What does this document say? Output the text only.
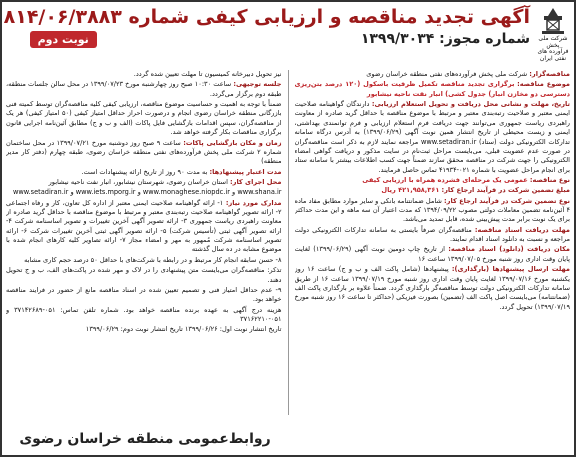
شرکت ملی پخش فرآورده های نفتی ایران
آگهی تجدید مناقصه و ارزیابی کیفی شماره ۸۱۴/۰۶/۳۸۸۳
شماره مجوز: ۱۳۹۹/۳۰۳۴
نوبت دوم

مناقصه‌گزار: شرکت ملی پخش فرآورده‌های نفتی منطقه خراسان رضوی

موضوع مناقصه: برگزاری تجدید مناقصه تکمیل ظرفیت باسکول (۱۲۰ درصد بتن‌ریزی دسترسی دو مخازن انبار) جدول کشی) انبار نفت ناحیه نیشابور

تاریخ، مهلت و نشانی محل دریافت و تحویل استعلام ارزیابی: دارندگان گواهینامه صلاحیت ایمنی معتبر و صلاحیت رتبه‌بندی معتبر و مرتبط با موضوع مناقصه با حداقل گرید صادره از معاونت راهبردی ریاست جمهوری می‌توانند جهت دریافت فرم استعلام ارزیابی و فرم توانمندی بهداشتی، ایمنی و زیست محیطی از تاریخ انتشار همین نوبت آگهی (۱۳۹۹/۰۶/۲۹) به آدرس درگاه سامانه تدارکات الکترونیکی دولت (ستاد) www.setadiran.ir مراجعه نمایند لازم به ذکر است مناقصه‌گران در صورت عدم عضویت قبلی، می‌بایست مراحل ثبت‌نام در سایت مذکور و دریافت گواهی امضاء الکترونیکی را جهت شرکت در مناقصه محقق سازند ضمناً جهت کسب اطلاعات بیشتر با سامانه ستاد برای انجام مراحل عضویت با شماره ۰۲۱-۴۱۹۳۴ تماس حاصل فرمایند.

نوع مناقصه: عمومی یک مرحله‌ای فشرده همراه با ارزیابی کیفی

مبلغ تضمین شرکت در فرآیند ارجاع کار: ۴۲۱,۹۵۸,۳۶۱ ریال

نوع تضمین شرکت در فرآیند ارجاع کار: شامل ضمانتنامه بانکی و سایر موارد مطابق مفاد ماده ۴ آئین‌نامه تضمین معاملات دولتی مصوب ۱۳۹۴/۰۹/۲۲ که مدت اعتبار آن سه ماهه و این مدت حداکثر برای یک نوبت برابر مدت پیش‌بینی شده، قابل تمدید می‌باشد.

مهلت دریافت اسناد مناقصه: مناقصه‌گران صرفاً بایستی به سامانه تدارکات الکترونیکی دولت مراجعه و نسبت به دانلود اسناد اقدام نمایند.

مکان دریافت (دانلود) اسناد مناقصه: از تاریخ چاپ دومین نوبت آگهی (۱۳۹۹/۰۶/۲۹) لغایت پایان وقت اداری روز شنبه مورخ ۱۳۹۹/۰۷/۰۵ ساعت ۱۶

مهلت ارسال پیشنهادها (بارگذاری): پیشنهادها (شامل پاکت الف و ب و ج) ساعت ۱۶ روز یکشنبه مورخ ۱۳۹۹/۰۷/۱۶ لغایت پایان وقت اداری روز شنبه مورخ ۱۳۹۹/۰۷/۱۹ ساعت ۱۶ از طریق سامانه تدارکات الکترونیکی دولت توسط مناقصه‌گر بارگذاری گردد. ضمناً علاوه بر بارگذاری پاکت الف (ضمانتنامه) می‌بایست اصل پاکت الف (تضمین) بصورت فیزیکی (حداکثر تا ساعت ۱۶ روز شنبه مورخ ۱۳۹۹/۰۷/۱۹) تحویل گردد.

نیز تحویل دبیرخانه کمیسیون تا مهلت تعیین شده گردد.

جلسه توجیهی: ساعت ۱۰:۳۰ صبح روز چهارشنبه مورخ ۱۳۹۹/۰۷/۲۳ در محل سالن جلسات منطقه، طبقه دوم برگزار می‌گردد.

ضمناً با توجه به اهمیت و حساسیت موضوع مناقصه، ارزیابی کیفی کلیه مناقصه‌گران توسط کمیته فنی بازرگانی منطقه خراسان رضوی انجام و درصورت احراز حداقل امتیاز کیفی (۵۰ امتیاز کیفی) هر یک از مناقصه‌گران، سپس اقدامات بازگشایی فایل پاکات (الف و ب و ج) مطابق آئین‌نامه اجرایی قانون برگزاری مناقصات بکار گرفته خواهد شد.

زمان و مکان بازگشایی پاکات: ساعت ۹ صبح روز دوشنبه مورخ ۱۳۹۹/۰۷/۲۱ در محل ساختمان شماره ۲ شرکت ملی پخش فرآورده‌های نفتی منطقه خراسان رضوی، طبقه چهارم (دفتر کار مدیر منطقه)

مدت اعتبار پیشنهادها: به مدت ۹۰ روز از تاریخ ارائه پیشنهادات است.

محل اجرای کار: استان خراسان رضوی، شهرستان نیشابور، انبار نفت ناحیه نیشابور

www.setadiran.ir و www.iets.mporg.ir و www.monaghese.niopdc.ir و www.shana.ir

مدارک مورد نیاز: ۱- ارائه گواهینامه صلاحیت ایمنی معتبر از اداره کل تعاون، کار و رفاه اجتماعی ۲- ارائه تصویر گواهینامه صلاحیت رتبه‌بندی معتبر و مرتبط با موضوع مناقصه با حداقل گرید صادره از معاونت راهبردی ریاست جمهوری ۳- ارائه تصویر آگهی آخرین تغییرات و تصویر اساسنامه شرکت ۴- ارائه تصویر آگهی ثبتی (تأسیس شرکت) ۵- ارائه تصویر آگهی ثبتی آخرین تغییرات شرکت ۶- ارائه تصویر اساسنامه شرکت مُمهور به مهر و امضاء مجاز ۷- ارائه تصاویر کلیه کارهای انجام شده با موضوع مشابه در ده سال گذشته

۸- حسن سابقه انجام کار مرتبط و در رابطه با شرکت‌های با حداقل ۵۰ درصد حجم کاری مشابه

تذکر: مناقصه‌گران می‌بایست متن پیشنهادی را در لاک و مهر شده در پاکت‌های الف، ب و ج تحویل دهند.

۹- عدم حداقل امتیاز فنی و تصمیم تعیین شده در اسناد مناقصه مانع از حضور در فرایند مناقصه خواهد بود.

هزینه درج آگهی به عهده برنده مناقصه خواهد بود. شماره تلفن تماس: ۰۵۱-۳۷۱۴۲۶۸۹ و ۰۵۱-۳۷۱۶۲۲۱۰

تاریخ انتشار نوبت اول: ۱۳۹۹/۰۶/۲۶ تاریخ انتشار نوبت دوم: ۱۳۹۹/۰۶/۲۹

روابط‌عمومی منطقه خراسان رضوی
